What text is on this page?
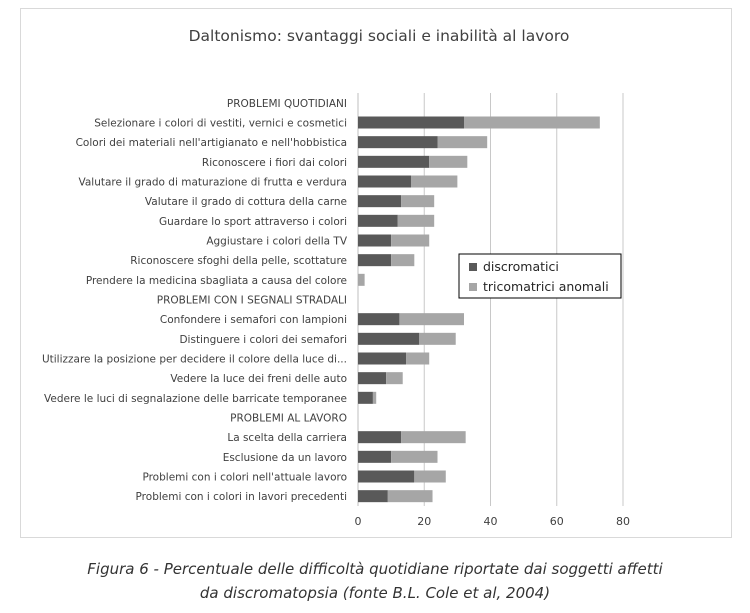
Daltonismo: svantaggi sociali e inabilità al lavoro
0	20	40	60	80
PROBLEMI QUOTIDIANI
Selezionare i colori di vestiti, vernici e cosmetici
Colori dei materiali nell'artigianato e nell'hobbistica
Riconoscere i fiori dai colori
Valutare il grado di maturazione di frutta e verdura
Valutare il grado di cottura della carne
Guardare lo sport attraverso i colori
Aggiustare i colori della TV
Riconoscere sfoghi della pelle, scottature
Prendere la medicina sbagliata a causa del colore
PROBLEMI CON I SEGNALI STRADALI
Confondere i semafori con lampioni
Distinguere i colori dei semafori
Utilizzare la posizione per decidere il colore della luce di...
Vedere la luce dei freni delle auto
Vedere le luci di segnalazione delle barricate temporanee
PROBLEMI AL LAVORO
La scelta della carriera
Esclusione da un lavoro
Problemi con i colori nell'attuale lavoro
Problemi con i colori in lavori precedenti
discromatici
tricomatrici anomali
Figura 6 - Percentuale delle difficoltà quotidiane riportate dai soggetti affetti
da discromatopsia (fonte B.L. Cole et al, 2004)
